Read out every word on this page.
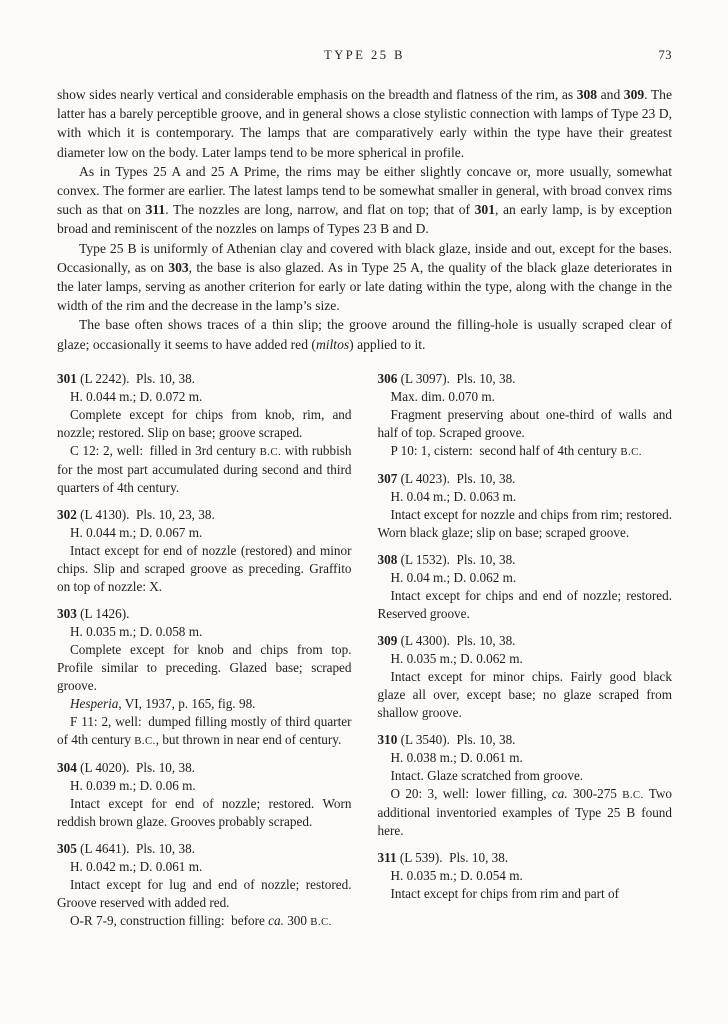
TYPE 25 B	73

show sides nearly vertical and considerable emphasis on the breadth and flatness of the rim, as 308 and 309. The latter has a barely perceptible groove, and in general shows a close stylistic connection with lamps of Type 23 D, with which it is contemporary. The lamps that are comparatively early within the type have their greatest diameter low on the body. Later lamps tend to be more spherical in profile.

As in Types 25 A and 25 A Prime, the rims may be either slightly concave or, more usually, somewhat convex. The former are earlier. The latest lamps tend to be somewhat smaller in general, with broad convex rims such as that on 311. The nozzles are long, narrow, and flat on top; that of 301, an early lamp, is by exception broad and reminiscent of the nozzles on lamps of Types 23 B and D.

Type 25 B is uniformly of Athenian clay and covered with black glaze, inside and out, except for the bases. Occasionally, as on 303, the base is also glazed. As in Type 25 A, the quality of the black glaze deteriorates in the later lamps, serving as another criterion for early or late dating within the type, along with the change in the width of the rim and the decrease in the lamp’s size.

The base often shows traces of a thin slip; the groove around the filling-hole is usually scraped clear of glaze; occasionally it seems to have added red (miltos) applied to it.

301 (L 2242). Pls. 10, 38.

H. 0.044 m.; D. 0.072 m.

Complete except for chips from knob, rim, and nozzle; restored. Slip on base; groove scraped.

C 12: 2, well: filled in 3rd century B.C. with rubbish for the most part accumulated during second and third quarters of 4th century.

302 (L 4130). Pls. 10, 23, 38.

H. 0.044 m.; D. 0.067 m.

Intact except for end of nozzle (restored) and minor chips. Slip and scraped groove as preceding. Graffito on top of nozzle: X.

303 (L 1426).

H. 0.035 m.; D. 0.058 m.

Complete except for knob and chips from top. Profile similar to preceding. Glazed base; scraped groove.

Hesperia, VI, 1937, p. 165, fig. 98.

F 11: 2, well: dumped filling mostly of third quarter of 4th century B.C., but thrown in near end of century.

304 (L 4020). Pls. 10, 38.

H. 0.039 m.; D. 0.06 m.

Intact except for end of nozzle; restored. Worn reddish brown glaze. Grooves probably scraped.

305 (L 4641). Pls. 10, 38.

H. 0.042 m.; D. 0.061 m.

Intact except for lug and end of nozzle; restored. Groove reserved with added red.

O-R 7-9, construction filling: before ca. 300 B.C.

306 (L 3097). Pls. 10, 38.

Max. dim. 0.070 m.

Fragment preserving about one-third of walls and half of top. Scraped groove.

P 10: 1, cistern: second half of 4th century B.C.

307 (L 4023). Pls. 10, 38.

H. 0.04 m.; D. 0.063 m.

Intact except for nozzle and chips from rim; restored. Worn black glaze; slip on base; scraped groove.

308 (L 1532). Pls. 10, 38.

H. 0.04 m.; D. 0.062 m.

Intact except for chips and end of nozzle; restored. Reserved groove.

309 (L 4300). Pls. 10, 38.

H. 0.035 m.; D. 0.062 m.

Intact except for minor chips. Fairly good black glaze all over, except base; no glaze scraped from shallow groove.

310 (L 3540). Pls. 10, 38.

H. 0.038 m.; D. 0.061 m.

Intact. Glaze scratched from groove.

O 20: 3, well: lower filling, ca. 300-275 B.C. Two additional inventoried examples of Type 25 B found here.

311 (L 539). Pls. 10, 38.

H. 0.035 m.; D. 0.054 m.

Intact except for chips from rim and part of
